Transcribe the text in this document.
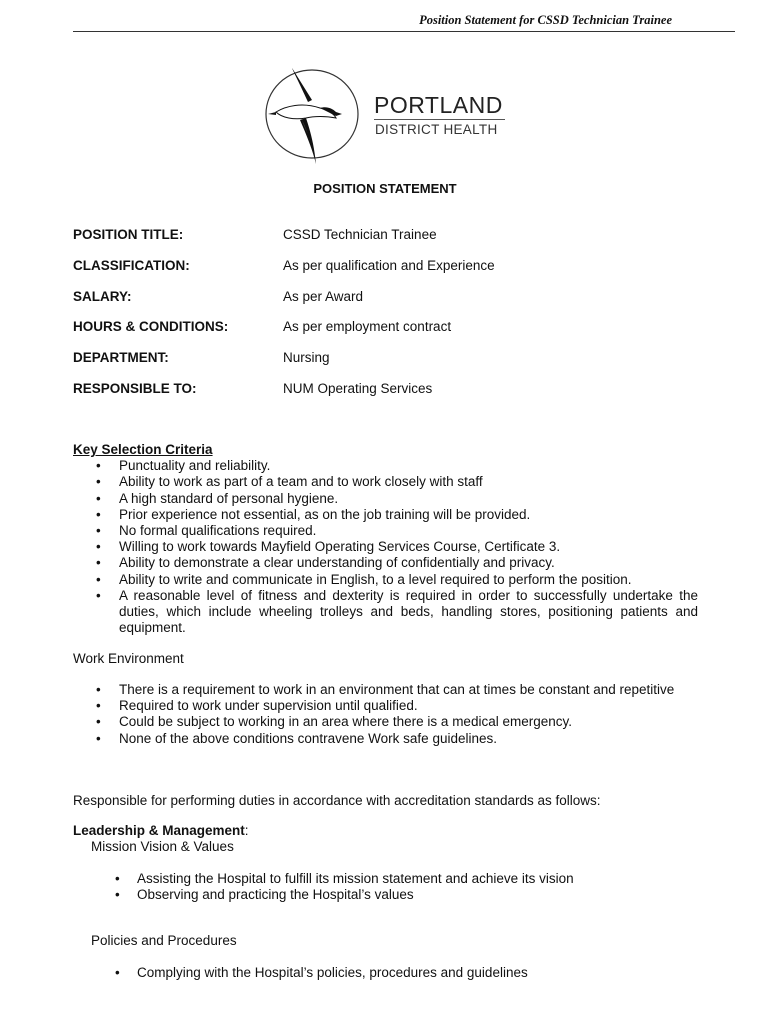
Position Statement for CSSD Technician Trainee
PORTLAND
DISTRICT HEALTH
POSITION STATEMENT
POSITION TITLE:	CSSD Technician Trainee
CLASSIFICATION:	As per qualification and Experience
SALARY:	As per Award
HOURS & CONDITIONS:	As per employment contract
DEPARTMENT:	Nursing
RESPONSIBLE TO:	NUM Operating Services
Key Selection Criteria
• Punctuality and reliability.
• Ability to work as part of a team and to work closely with staff
• A high standard of personal hygiene.
• Prior experience not essential, as on the job training will be provided.
• No formal qualifications required.
• Willing to work towards Mayfield Operating Services Course, Certificate 3.
• Ability to demonstrate a clear understanding of confidentially and privacy.
• Ability to write and communicate in English, to a level required to perform the position.
• A reasonable level of fitness and dexterity is required in order to successfully undertake the duties, which include wheeling trolleys and beds, handling stores, positioning patients and equipment.
Work Environment
• There is a requirement to work in an environment that can at times be constant and repetitive
• Required to work under supervision until qualified.
• Could be subject to working in an area where there is a medical emergency.
• None of the above conditions contravene Work safe guidelines.
Responsible for performing duties in accordance with accreditation standards as follows:
Leadership & Management:
Mission Vision & Values
• Assisting the Hospital to fulfill its mission statement and achieve its vision
• Observing and practicing the Hospital’s values
Policies and Procedures
• Complying with the Hospital’s policies, procedures and guidelines
